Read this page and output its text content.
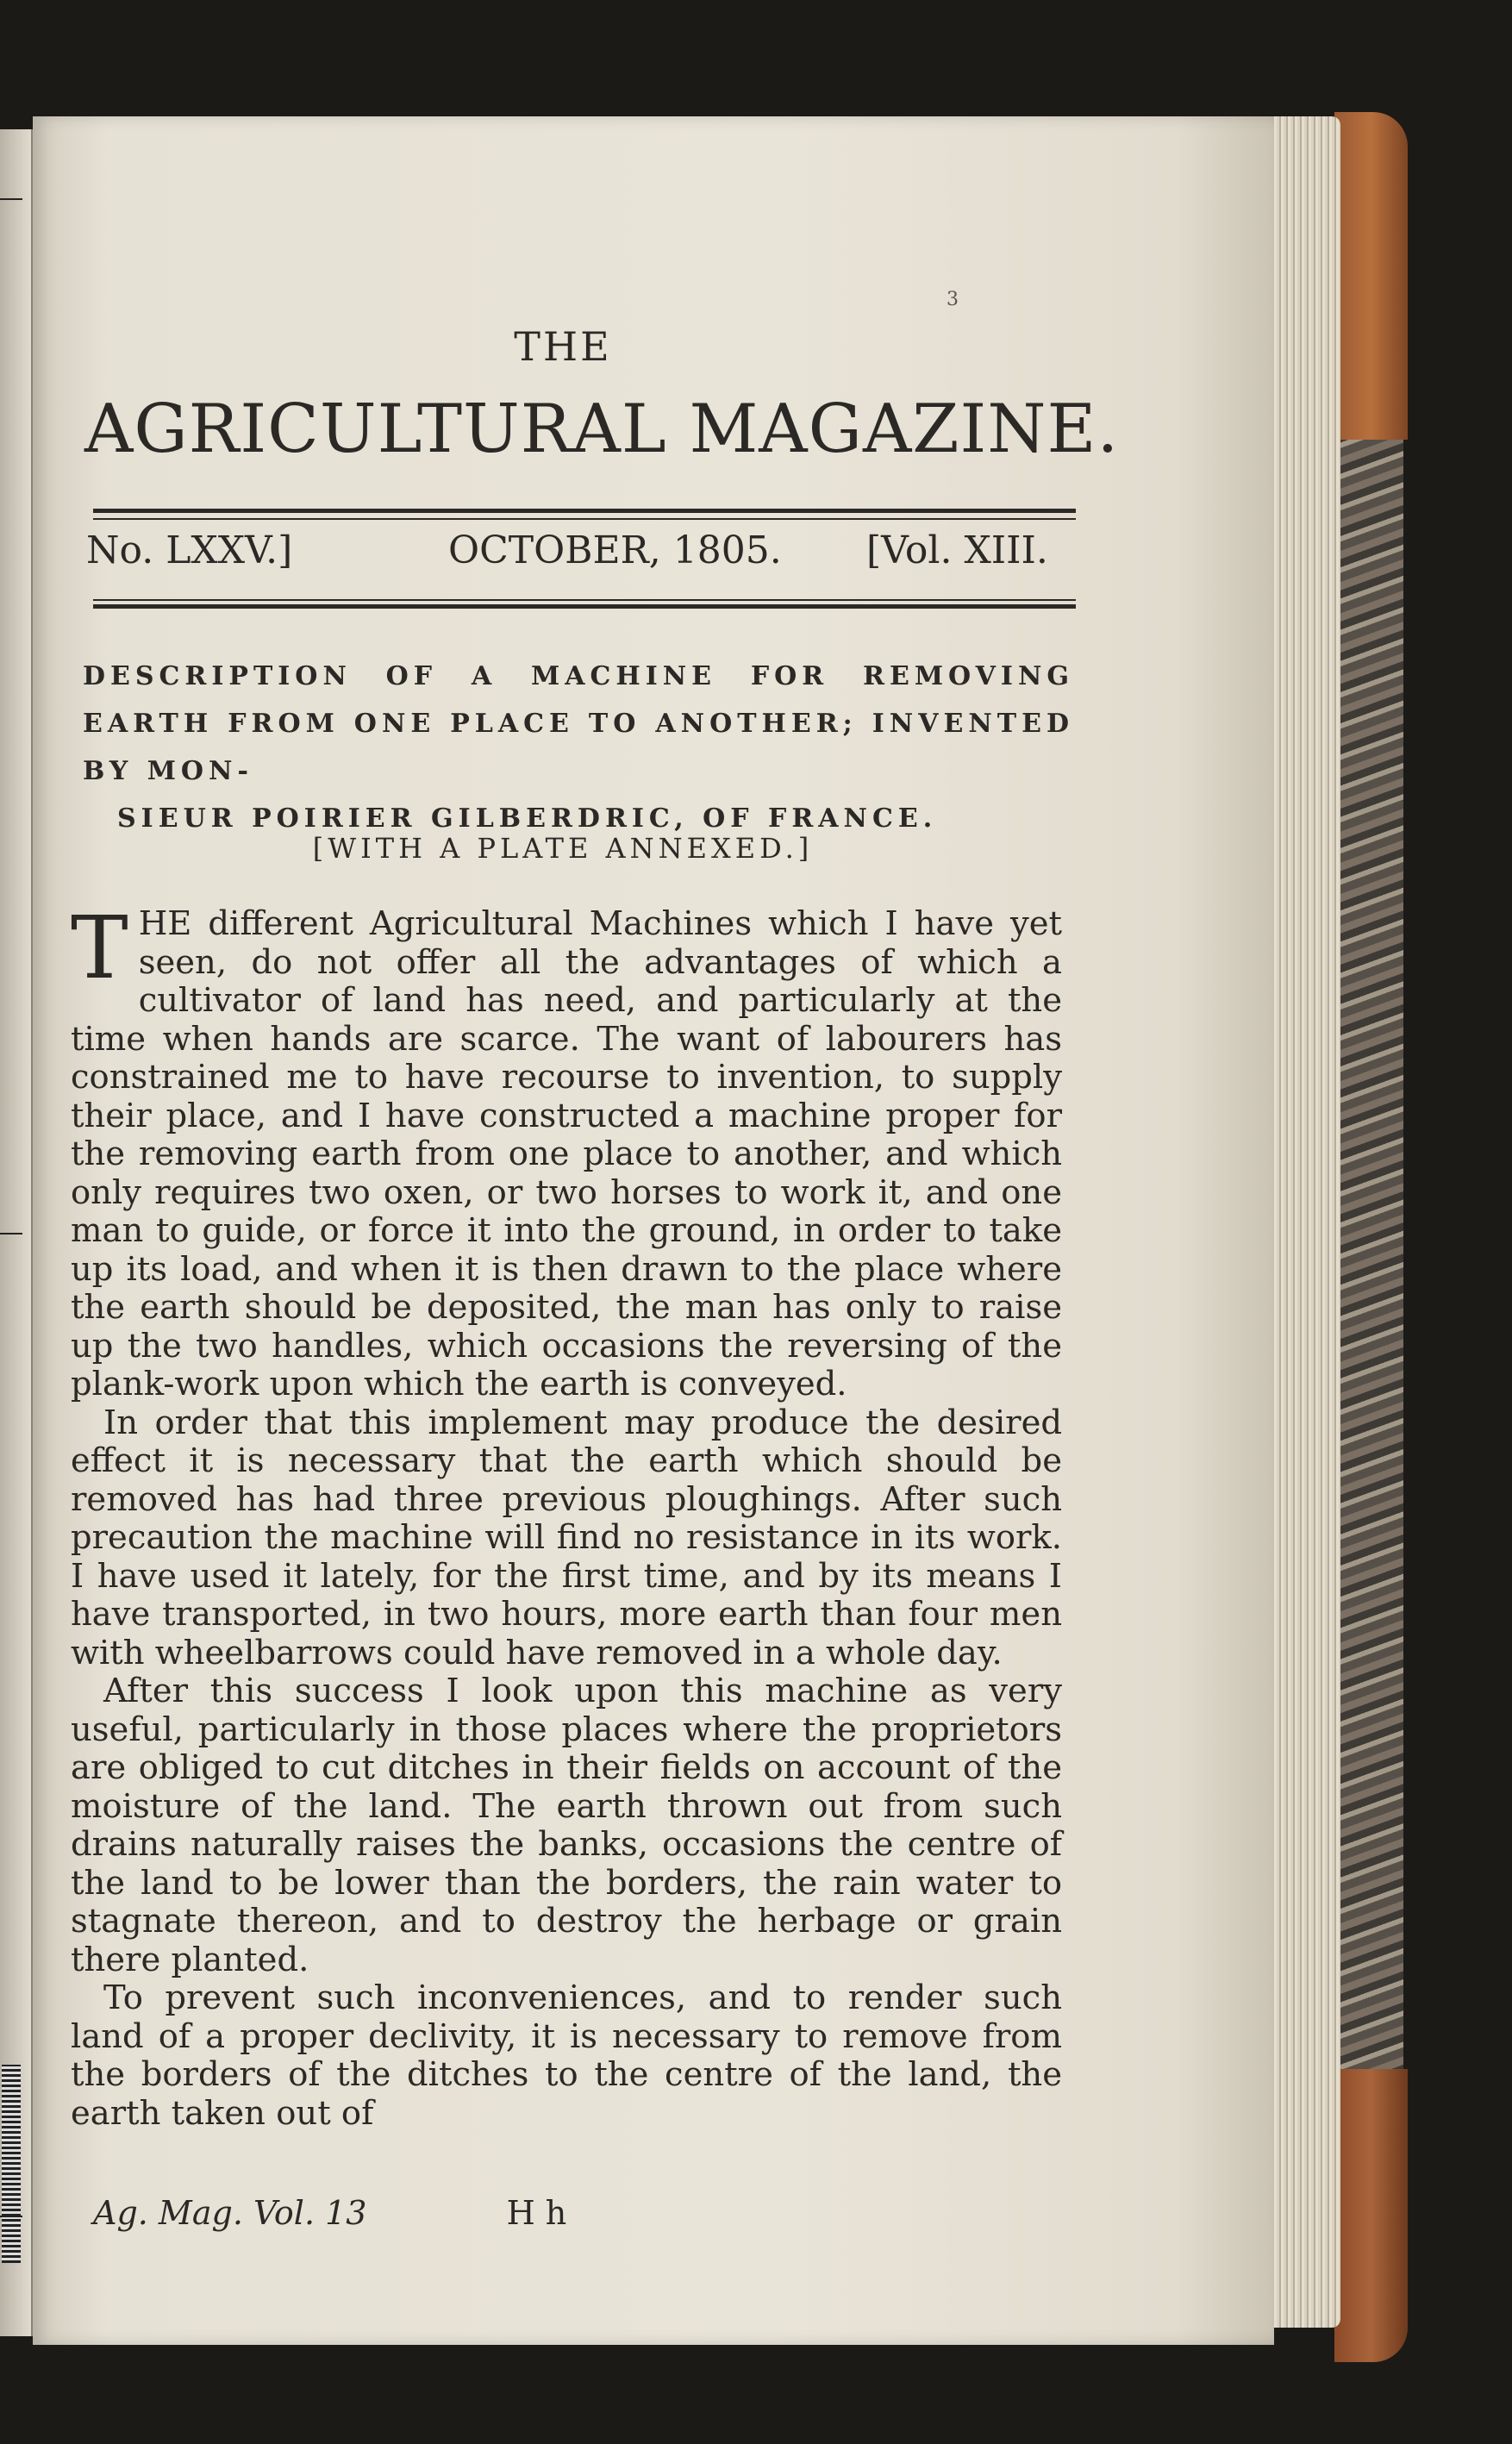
3
THE
AGRICULTURAL MAGAZINE.
No. LXXV.]	OCTOBER, 1805. [Vol. XIII.
DESCRIPTION OF A MACHINE FOR REMOVING EARTH FROM ONE PLACE TO ANOTHER; INVENTED BY MON-
SIEUR POIRIER GILBERDRIC, OF FRANCE.
[WITH A PLATE ANNEXED.]

T HE different Agricultural Machines which I have yet seen, do not offer all the advantages of which a cultivator of land has need, and particularly at the time when hands are scarce. The want of labourers has constrained me to have recourse to invention, to supply their place, and I have constructed a machine proper for the removing earth from one place to another, and which only requires two oxen, or two horses to work it, and one man to guide, or force it into the ground, in order to take up its load, and when it is then drawn to the place where the earth should be deposited, the man has only to raise up the two handles, which occasions the reversing of the plank-work upon which the earth is conveyed.

In order that this implement may produce the desired effect it is necessary that the earth which should be removed has had three previous ploughings. After such precaution the machine will find no resistance in its work. I have used it lately, for the first time, and by its means I have transported, in two hours, more earth than four men with wheelbarrows could have removed in a whole day.

After this success I look upon this machine as very useful, particularly in those places where the proprietors are obliged to cut ditches in their fields on account of the moisture of the land. The earth thrown out from such drains naturally raises the banks, occasions the centre of the land to be lower than the borders, the rain water to stagnate thereon, and to destroy the herbage or grain there planted.

To prevent such inconveniences, and to render such land of a proper declivity, it is necessary to remove from the borders of the ditches to the centre of the land, the earth taken out of

Ag. Mag. Vol. 13	H h
